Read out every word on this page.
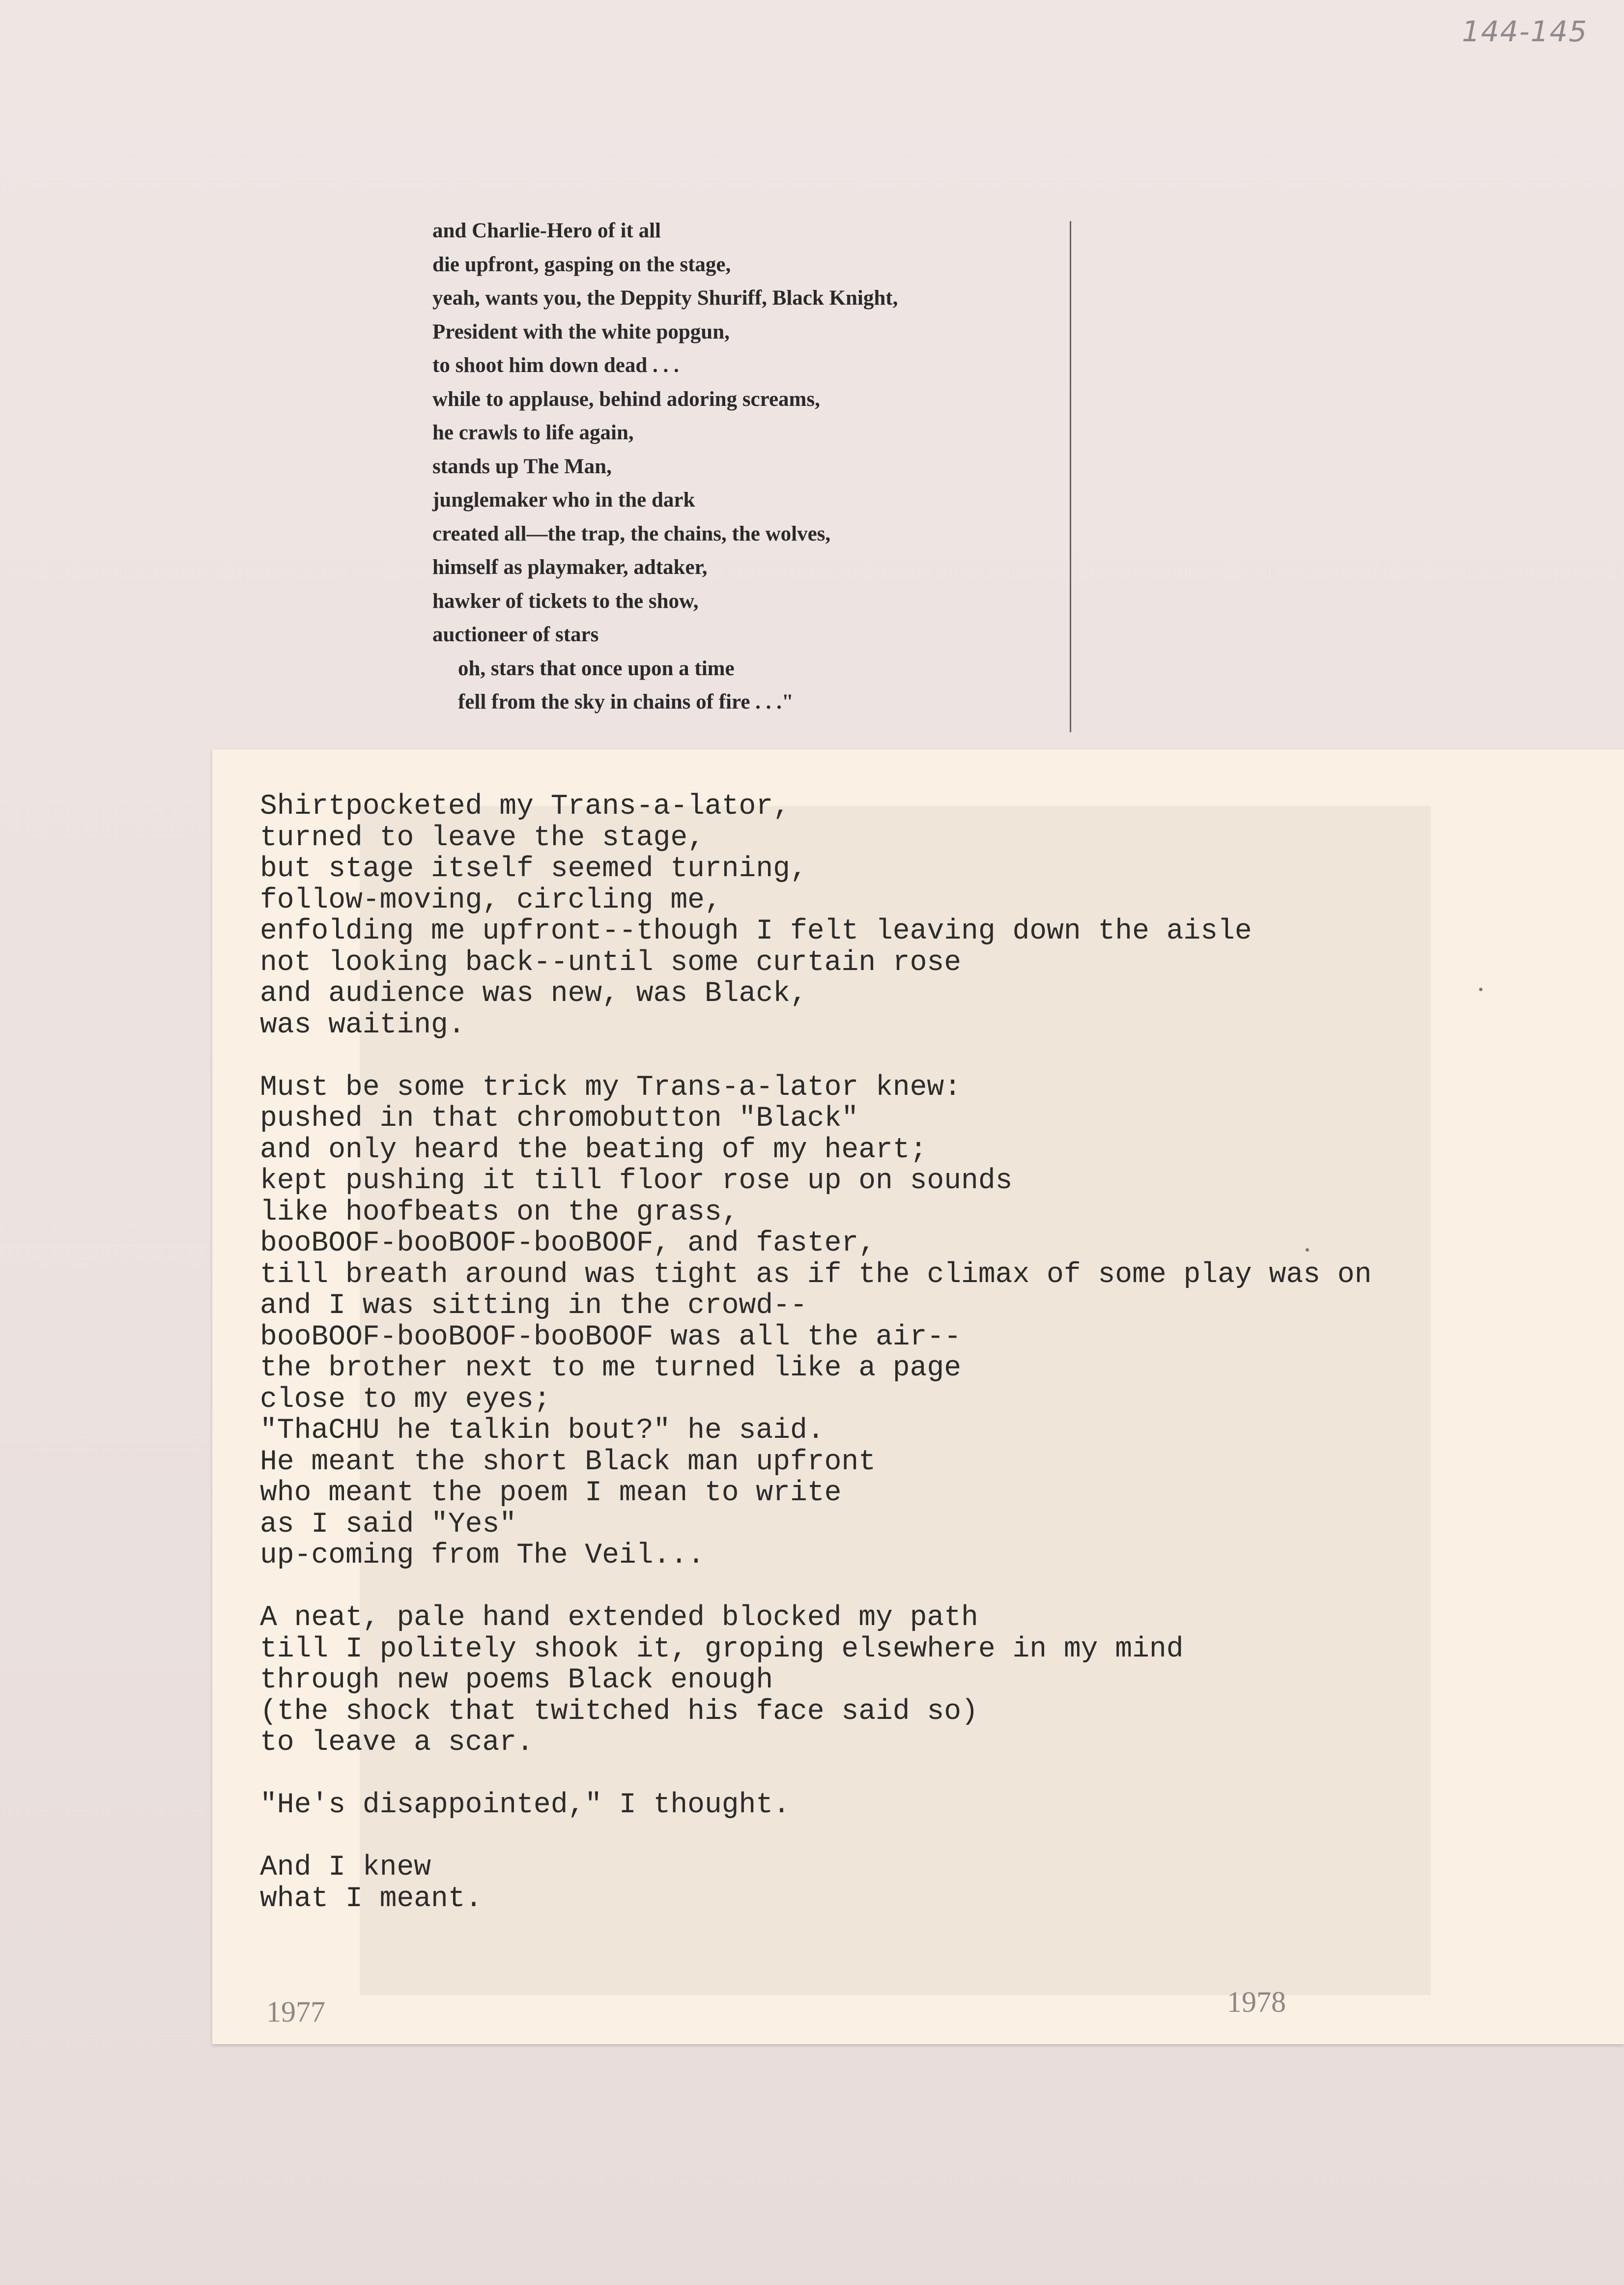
144-145
and Charlie-Hero of it all
die upfront, gasping on the stage,
yeah, wants you, the Deppity Shuriff, Black Knight,
President with the white popgun,
to shoot him down dead . . .
while to applause, behind adoring screams,
he crawls to life again,
stands up The Man,
junglemaker who in the dark
created all—the trap, the chains, the wolves,
himself as playmaker, adtaker,
hawker of tickets to the show,
auctioneer of stars
oh, stars that once upon a time
fell from the sky in chains of fire . . ."
Shirtpocketed my Trans-a-lator,
turned to leave the stage,
but stage itself seemed turning,
follow-moving, circling me,
enfolding me upfront--though I felt leaving down the aisle
not looking back--until some curtain rose
and audience was new, was Black,
was waiting.
Must be some trick my Trans-a-lator knew:
pushed in that chromobutton "Black"
and only heard the beating of my heart;
kept pushing it till floor rose up on sounds
like hoofbeats on the grass,
booBOOF-booBOOF-booBOOF, and faster,
till breath around was tight as if the climax of some play was on
and I was sitting in the crowd--
booBOOF-booBOOF-booBOOF was all the air--
the brother next to me turned like a page
close to my eyes;
"ThaCHU he talkin bout?" he said.
He meant the short Black man upfront
who meant the poem I mean to write
as I said "Yes"
up-coming from The Veil...
A neat, pale hand extended blocked my path
till I politely shook it, groping elsewhere in my mind
through new poems Black enough
(the shock that twitched his face said so)
to leave a scar.
"He's disappointed," I thought.
And I knew
what I meant.
1977	1978
